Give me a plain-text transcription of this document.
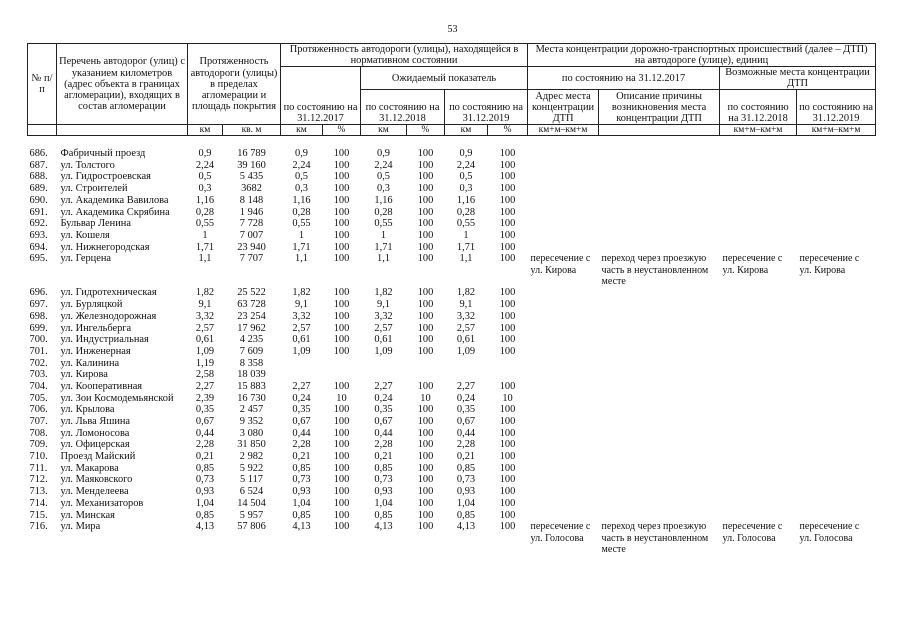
53
№ п/п	Перечень автодорог (улиц) с указанием километров (адрес объекта в границах агломерации), входящих в состав агломерации	Протяженность автодороги (улицы) в пределах агломерации и площадь покрытия		Протяженность автодороги (улицы), находящейся в нормативном состоянии						Места концентрации дорожно-транспортных происшествий (далее – ДТП) на автодороге (улице), единиц			
				по состоянию на 31.12.2017		Ожидаемый показатель				по состоянию на 31.12.2017		Возможные места концентрации ДТП	
						по состоянию на 31.12.2018		по состоянию на 31.12.2019				по состоянию на 31.12.2018	по состоянию на 31.12.2019
										Адрес места концентрации ДТП	Описание причины возникновения места концентрации ДТП		
		км	кв. м	км	%	км	%	км	%	км+м–км+м		км+м–км+м	км+м–км+м

686.	Фабричный проезд	0,9	16 789	0,9	100	0,9	100	0,9	100				
687.	ул. Толстого	2,24	39 160	2,24	100	2,24	100	2,24	100				
688.	ул. Гидростроевская	0,5	5 435	0,5	100	0,5	100	0,5	100				
689.	ул. Строителей	0,3	3682	0,3	100	0,3	100	0,3	100				
690.	ул. Академика Вавилова	1,16	8 148	1,16	100	1,16	100	1,16	100				
691.	ул. Академика Скрябина	0,28	1 946	0,28	100	0,28	100	0,28	100				
692.	Бульвар Ленина	0,55	7 728	0,55	100	0,55	100	0,55	100				
693.	ул. Кошеля	1	7 007	1	100	1	100	1	100				
694.	ул. Нижнегородская	1,71	23 940	1,71	100	1,71	100	1,71	100				
695.	ул. Герцена	1,1	7 707	1,1	100	1,1	100	1,1	100	пересечение с ул. Кирова	переход через проезжую часть в неустановленном месте	пересечение с ул. Кирова	пересечение с ул. Кирова
696.	ул. Гидротехническая	1,82	25 522	1,82	100	1,82	100	1,82	100				
697.	ул. Бурляцкой	9,1	63 728	9,1	100	9,1	100	9,1	100				
698.	ул. Железнодорожная	3,32	23 254	3,32	100	3,32	100	3,32	100				
699.	ул. Ингельберга	2,57	17 962	2,57	100	2,57	100	2,57	100				
700.	ул. Индустриальная	0,61	4 235	0,61	100	0,61	100	0,61	100				
701.	ул. Инженерная	1,09	7 609	1,09	100	1,09	100	1,09	100				
702.	ул. Калинина	1,19	8 358										
703.	ул. Кирова	2,58	18 039										
704.	ул. Кооперативная	2,27	15 883	2,27	100	2,27	100	2,27	100				
705.	ул. Зои Космодемьянской	2,39	16 730	0,24	10	0,24	10	0,24	10				
706.	ул. Крылова	0,35	2 457	0,35	100	0,35	100	0,35	100				
707.	ул. Льва Яшина	0,67	9 352	0,67	100	0,67	100	0,67	100				
708.	ул. Ломоносова	0,44	3 080	0,44	100	0,44	100	0,44	100				
709.	ул. Офицерская	2,28	31 850	2,28	100	2,28	100	2,28	100				
710.	Проезд Майский	0,21	2 982	0,21	100	0,21	100	0,21	100				
711.	ул. Макарова	0,85	5 922	0,85	100	0,85	100	0,85	100				
712.	ул. Маяковского	0,73	5 117	0,73	100	0,73	100	0,73	100				
713.	ул. Менделеева	0,93	6 524	0,93	100	0,93	100	0,93	100				
714.	ул. Механизаторов	1,04	14 504	1,04	100	1,04	100	1,04	100				
715.	ул. Минская	0,85	5 957	0,85	100	0,85	100	0,85	100				
716.	ул. Мира	4,13	57 806	4,13	100	4,13	100	4,13	100	пересечение с ул. Голосова	переход через проезжую часть в неустановленном месте	пересечение с ул. Голосова	пересечение с ул. Голосова
